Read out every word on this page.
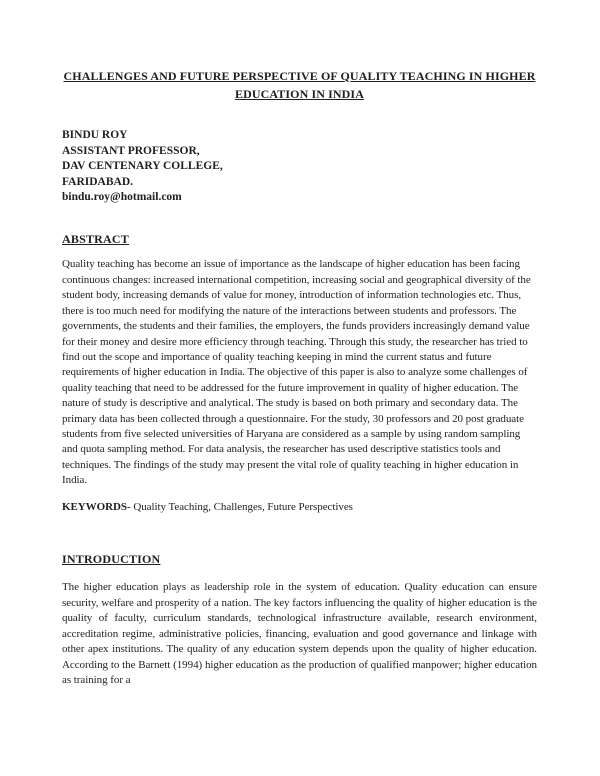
CHALLENGES AND FUTURE PERSPECTIVE OF QUALITY TEACHING IN HIGHER
EDUCATION IN INDIA
BINDU ROY
ASSISTANT PROFESSOR,
DAV CENTENARY COLLEGE,
FARIDABAD.
bindu.roy@hotmail.com
ABSTRACT

Quality teaching has become an issue of importance as the landscape of higher education has been facing continuous changes: increased international competition, increasing social and geographical diversity of the student body, increasing demands of value for money, introduction of information technologies etc. Thus, there is too much need for modifying the nature of the interactions between students and professors. The governments, the students and their families, the employers, the funds providers increasingly demand value for their money and desire more efficiency through teaching. Through this study, the researcher has tried to find out the scope and importance of quality teaching keeping in mind the current status and future requirements of higher education in India. The objective of this paper is also to analyze some challenges of quality teaching that need to be addressed for the future improvement in quality of higher education. The nature of study is descriptive and analytical. The study is based on both primary and secondary data. The primary data has been collected through a questionnaire. For the study, 30 professors and 20 post graduate students from five selected universities of Haryana are considered as a sample by using random sampling and quota sampling method. For data analysis, the researcher has used descriptive statistics tools and techniques. The findings of the study may present the vital role of quality teaching in higher education in India.

KEYWORDS- Quality Teaching, Challenges, Future Perspectives

INTRODUCTION

The higher education plays as leadership role in the system of education. Quality education can ensure security, welfare and prosperity of a nation. The key factors influencing the quality of higher education is the quality of faculty, curriculum standards, technological infrastructure available, research environment, accreditation regime, administrative policies, financing, evaluation and good governance and linkage with other apex institutions. The quality of any education system depends upon the quality of higher education. According to the Barnett (1994) higher education as the production of qualified manpower; higher education as training for a
